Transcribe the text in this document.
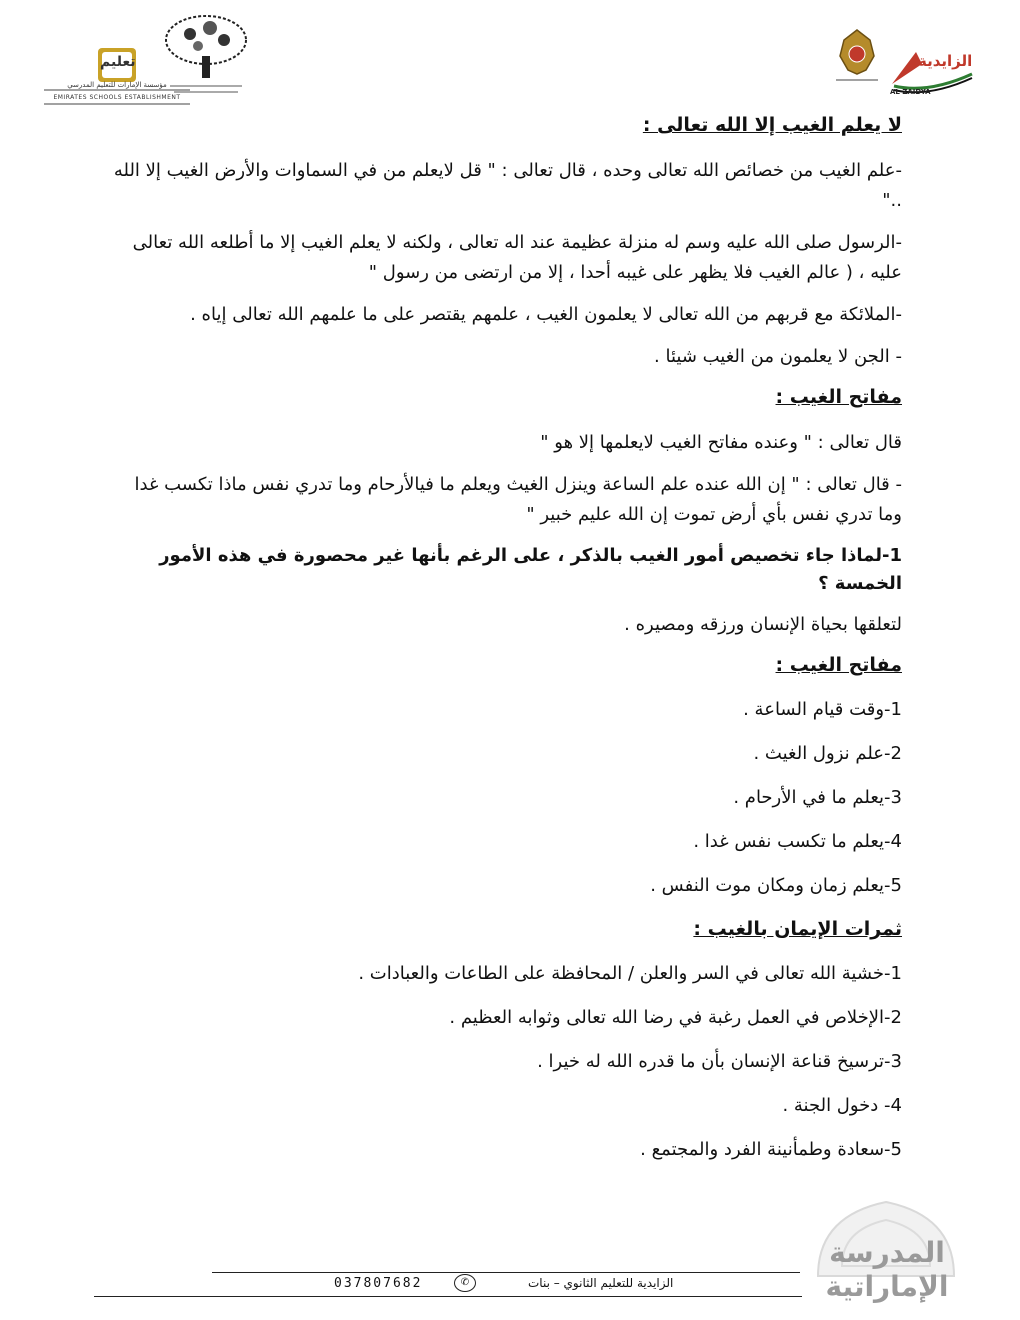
تعليم
مؤسسة الإمارات للتعليم المدرسي
EMIRATES SCHOOLS ESTABLISHMENT
الزايدية
AL ZAIDYA
لا يعلم الغيب إلا الله تعالى :
-علم الغيب من خصائص الله تعالى وحده ، قال تعالى : " قل لايعلم من في السماوات والأرض الغيب إلا الله .."
-الرسول صلى الله عليه وسم له منزلة عظيمة عند اله تعالى ، ولكنه لا يعلم الغيب إلا ما أطلعه الله تعالى عليه ، ( عالم الغيب فلا يظهر على غيبه أحدا ، إلا من ارتضى من رسول "
-الملائكة مع قربهم من الله تعالى لا يعلمون الغيب ، علمهم يقتصر على ما علمهم الله تعالى إياه .
- الجن لا يعلمون من الغيب شيئا .
مفاتح الغيب :
قال تعالى : " وعنده مفاتح الغيب لايعلمها إلا هو "
- قال تعالى : " إن الله عنده علم الساعة وينزل الغيث ويعلم ما فيالأرحام وما تدري نفس ماذا تكسب غدا وما تدري نفس بأي أرض تموت إن الله عليم خبير "
1-لماذا جاء تخصيص أمور الغيب بالذكر ، على الرغم بأنها غير محصورة في هذه الأمور الخمسة ؟
لتعلقها بحياة الإنسان ورزقه ومصيره .
مفاتح الغيب :
1-وقت قيام الساعة .
2-علم نزول الغيث .
3-يعلم ما في الأرحام .
4-يعلم ما تكسب نفس غدا .
5-يعلم زمان ومكان موت النفس .
ثمرات الإيمان بالغيب :
1-خشية الله تعالى في السر والعلن / المحافظة على الطاعات والعبادات .
2-الإخلاص في العمل رغبة في رضا الله تعالى وثوابه العظيم .
3-ترسيخ قناعة الإنسان بأن ما قدره الله له خيرا .
4- دخول الجنة .
5-سعادة وطمأنينة الفرد والمجتمع .
المدرسة
الإماراتية
037807682	✆	الزايدية للتعليم الثانوي – بنات
